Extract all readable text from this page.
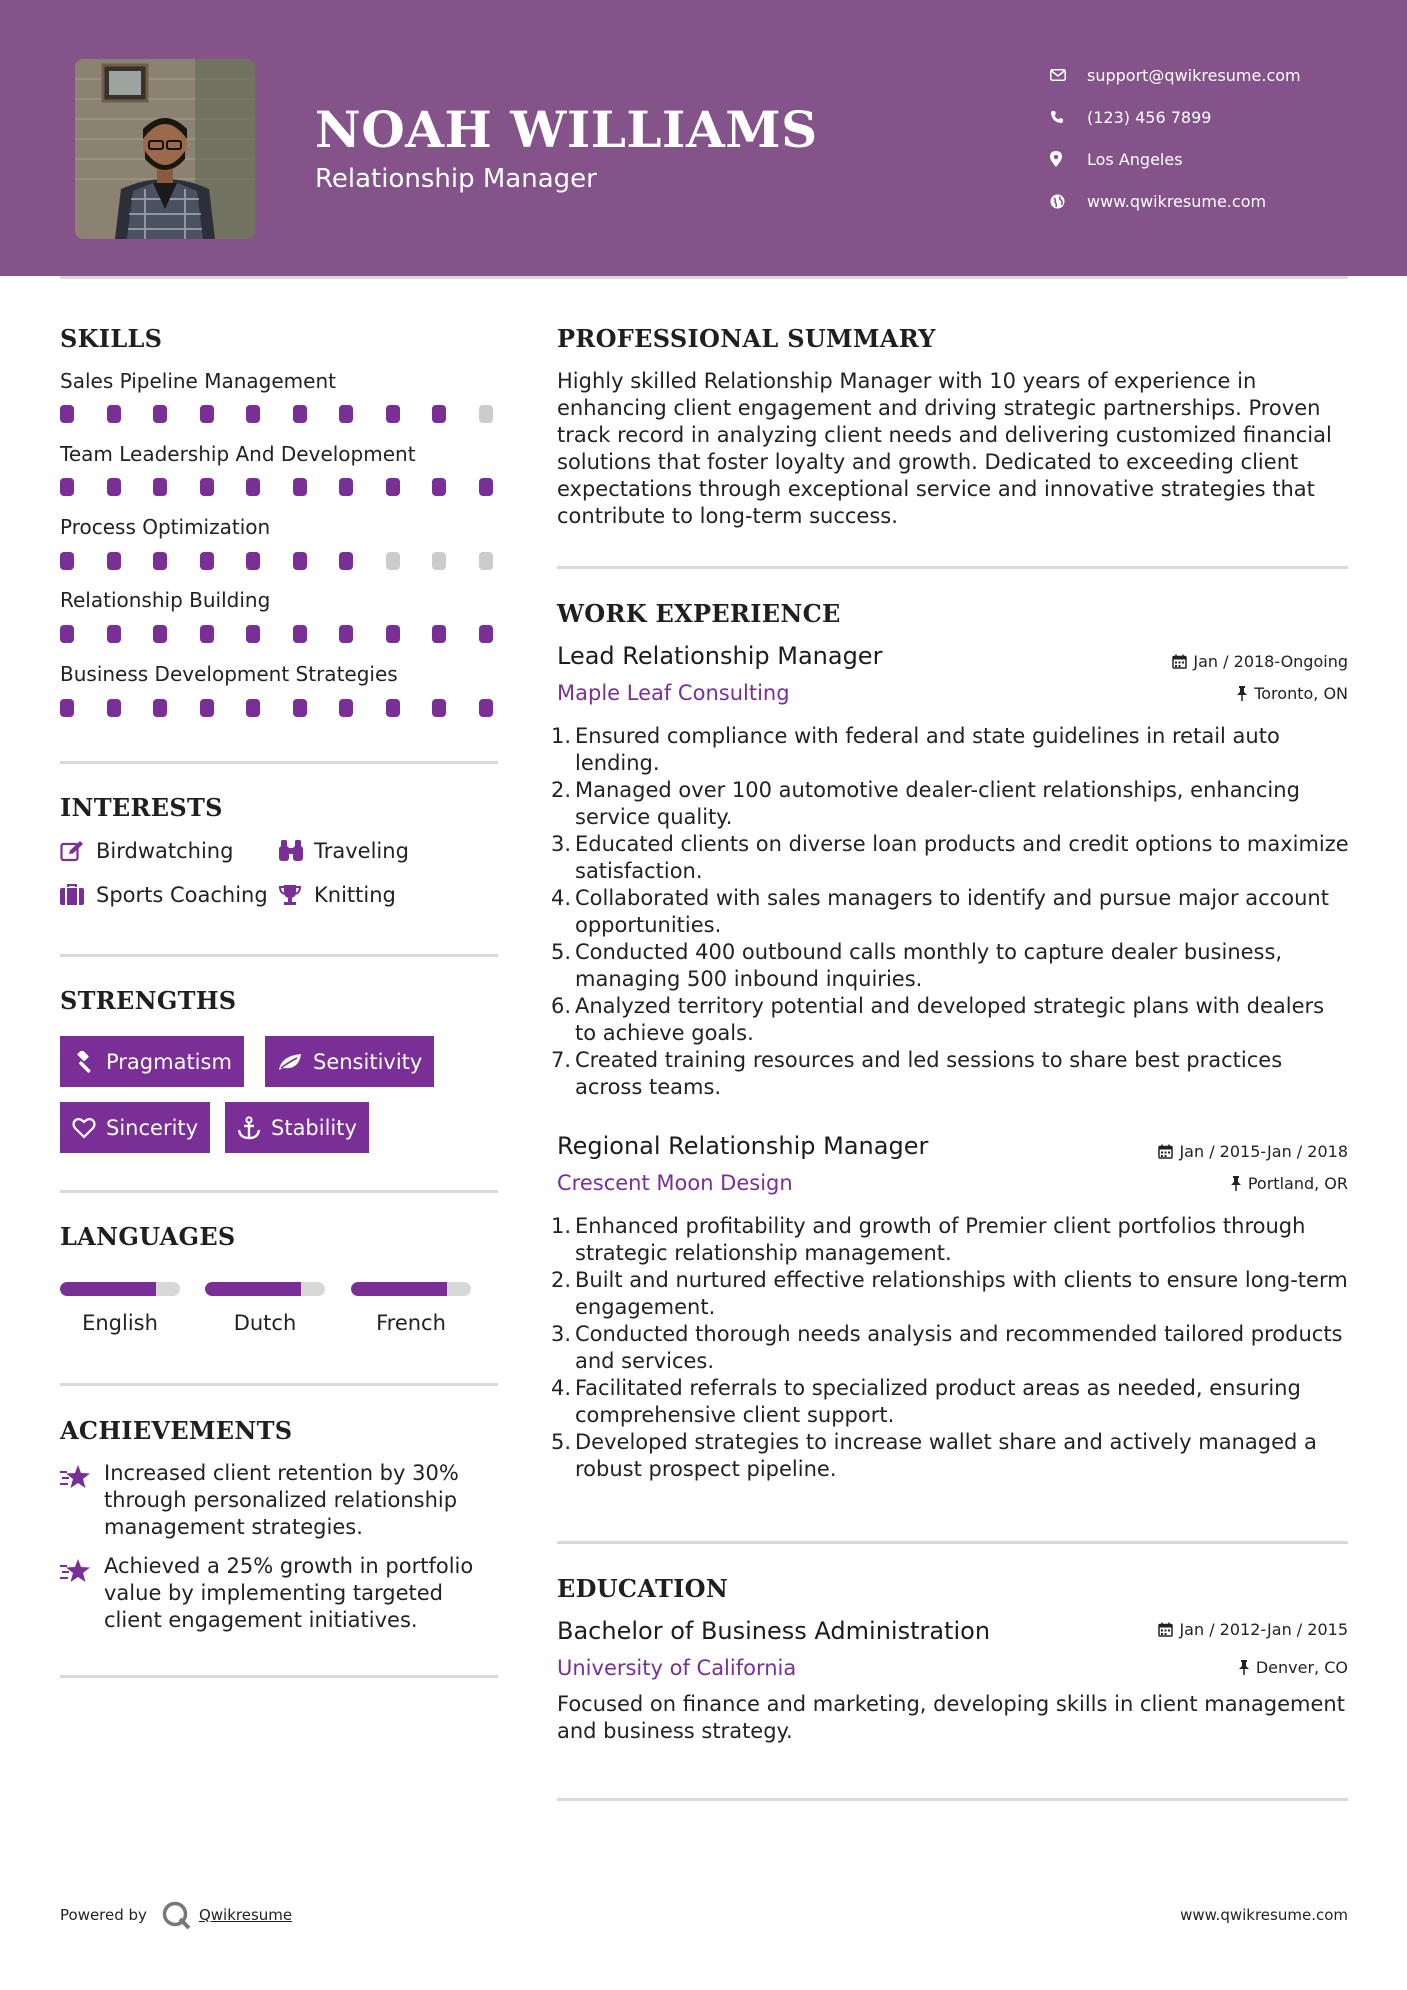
NOAH WILLIAMS
Relationship Manager
support@qwikresume.com
(123) 456 7899
Los Angeles
www.qwikresume.com
SKILLS
Sales Pipeline Management
Team Leadership And Development
Process Optimization
Relationship Building
Business Development Strategies
INTERESTS
Birdwatching	Traveling
Sports Coaching Knitting
STRENGTHS
Pragmatism	Sensitivity
Sincerity	Stability
LANGUAGES
English	Dutch	French
ACHIEVEMENTS
Increased client retention by 30% through personalized relationship management strategies.
Achieved a 25% growth in portfolio value by implementing targeted client engagement initiatives.
PROFESSIONAL SUMMARY
Highly skilled Relationship Manager with 10 years of experience in enhancing client engagement and driving strategic partnerships. Proven track record in analyzing client needs and delivering customized financial solutions that foster loyalty and growth. Dedicated to exceeding client expectations through exceptional service and innovative strategies that contribute to long-term success.
WORK EXPERIENCE
Lead Relationship Manager	Jan / 2018-Ongoing
Maple Leaf Consulting	Toronto, ON
1. Ensured compliance with federal and state guidelines in retail auto lending.
2. Managed over 100 automotive dealer-client relationships, enhancing service quality.
3. Educated clients on diverse loan products and credit options to maximize satisfaction.
4. Collaborated with sales managers to identify and pursue major account opportunities.
5. Conducted 400 outbound calls monthly to capture dealer business, managing 500 inbound inquiries.
6. Analyzed territory potential and developed strategic plans with dealers to achieve goals.
7. Created training resources and led sessions to share best practices across teams.
Regional Relationship Manager	Jan / 2015-Jan / 2018
Crescent Moon Design	Portland, OR
1. Enhanced profitability and growth of Premier client portfolios through strategic relationship management.
2. Built and nurtured effective relationships with clients to ensure long-term engagement.
3. Conducted thorough needs analysis and recommended tailored products and services.
4. Facilitated referrals to specialized product areas as needed, ensuring comprehensive client support.
5. Developed strategies to increase wallet share and actively managed a robust prospect pipeline.
EDUCATION
Bachelor of Business Administration	Jan / 2012-Jan / 2015
University of California	Denver, CO
Focused on finance and marketing, developing skills in client management and business strategy.
Powered by	Qwikresume	www.qwikresume.com
